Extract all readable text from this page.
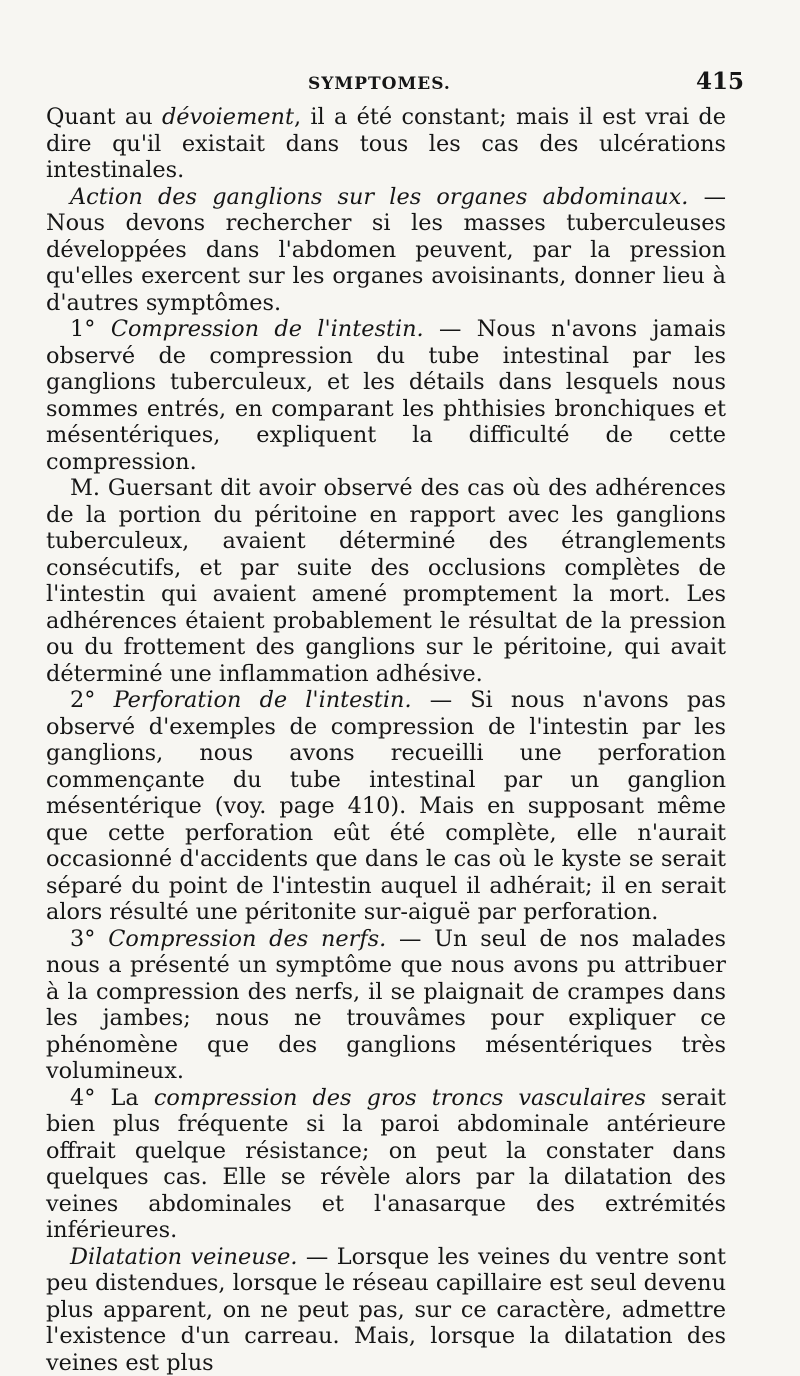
SYMPTOMES.	415

Quant au dévoiement, il a été constant; mais il est vrai de dire qu'il existait dans tous les cas des ulcérations intestinales.

Action des ganglions sur les organes abdominaux. — Nous devons rechercher si les masses tuberculeuses développées dans l'abdomen peuvent, par la pression qu'elles exercent sur les organes avoisinants, donner lieu à d'autres symptômes.

1° Compression de l'intestin. — Nous n'avons jamais observé de compression du tube intestinal par les ganglions tuberculeux, et les détails dans lesquels nous sommes entrés, en comparant les phthisies bronchiques et mésentériques, expliquent la difficulté de cette compression.

M. Guersant dit avoir observé des cas où des adhérences de la portion du péritoine en rapport avec les ganglions tuberculeux, avaient déterminé des étranglements consécutifs, et par suite des occlusions complètes de l'intestin qui avaient amené promptement la mort. Les adhérences étaient probablement le résultat de la pression ou du frottement des ganglions sur le péritoine, qui avait déterminé une inflammation adhésive.

2° Perforation de l'intestin. — Si nous n'avons pas observé d'exemples de compression de l'intestin par les ganglions, nous avons recueilli une perforation commençante du tube intestinal par un ganglion mésentérique (voy. page 410). Mais en supposant même que cette perforation eût été complète, elle n'aurait occasionné d'accidents que dans le cas où le kyste se serait séparé du point de l'intestin auquel il adhérait; il en serait alors résulté une péritonite sur-aiguë par perforation.

3° Compression des nerfs. — Un seul de nos malades nous a présenté un symptôme que nous avons pu attribuer à la compression des nerfs, il se plaignait de crampes dans les jambes; nous ne trouvâmes pour expliquer ce phénomène que des ganglions mésentériques très volumineux.

4° La compression des gros troncs vasculaires serait bien plus fréquente si la paroi abdominale antérieure offrait quelque résistance; on peut la constater dans quelques cas. Elle se révèle alors par la dilatation des veines abdominales et l'anasarque des extrémités inférieures.

Dilatation veineuse. — Lorsque les veines du ventre sont peu distendues, lorsque le réseau capillaire est seul devenu plus apparent, on ne peut pas, sur ce caractère, admettre l'existence d'un carreau. Mais, lorsque la dilatation des veines est plus
